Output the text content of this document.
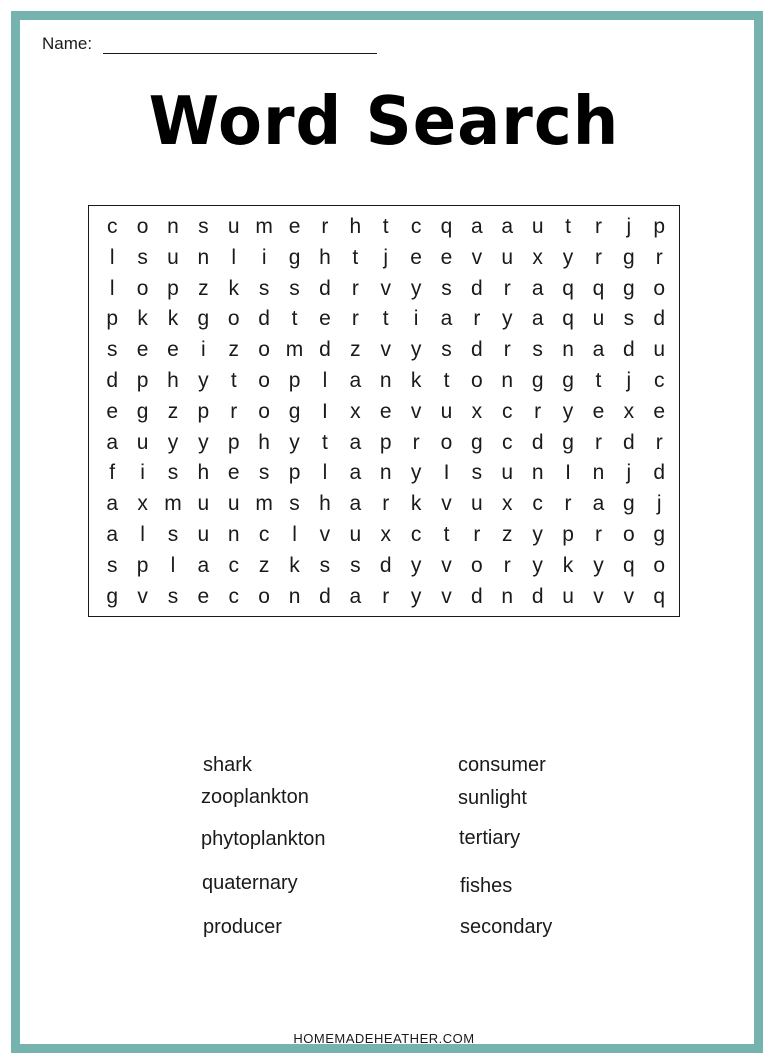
Name:
Word Search
c o n s u m e	r	h	t	c q a a u	t	r	j	p
l	s u n	l	i	g h	t	j	e e v u x y	r	g	r
l	o p z k s s d	r	v y s d	r	a q q g o
p k k g o d	t	e	r	t	i	a	r	y a q u s d
s e e	i	z o m d z v y s d	r	s n a d u
d p h y	t	o p	l	a n k	t	o n g g	t	j	c
e g z p	r	o g	I	x e v u x c	r	y e x e
a u y y p h y	t	a p	r	o g c d g	r	d	r
f	i	s h e s p	l	a n y	I	s u n	I	n	j	d
a x m u u m s h a	r	k v u x c	r	a g	j
a	l	s u n c	l	v u x c	t	r	z y p	r	o g
s p	l	a c z k s s d y v o	r	y k y q o
g v s e c o n d a	r	y v d n d u v v q
shark
zooplankton
phytoplankton
quaternary
producer
consumer
sunlight
tertiary
fishes
secondary
HOMEMADEHEATHER.COM
